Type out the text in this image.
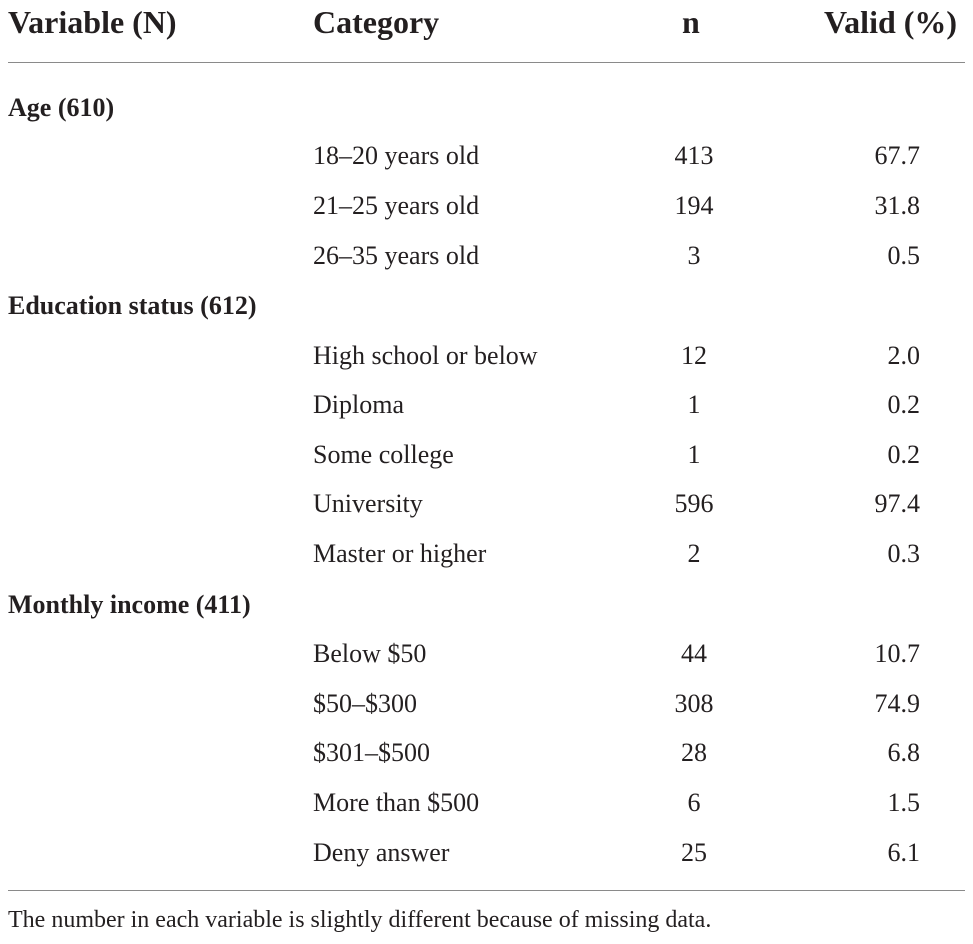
Variable (N)	Category	n	Valid (%)
Age (610)
18–20 years old	413	67.7
21–25 years old	194	31.8
26–35 years old	3	0.5
Education status (612)
High school or below	12	2.0
Diploma	1	0.2
Some college	1	0.2
University	596	97.4
Master or higher	2	0.3
Monthly income (411)
Below $50	44	10.7
$50–$300	308	74.9
$301–$500	28	6.8
More than $500	6	1.5
Deny answer	25	6.1
The number in each variable is slightly different because of missing data.
